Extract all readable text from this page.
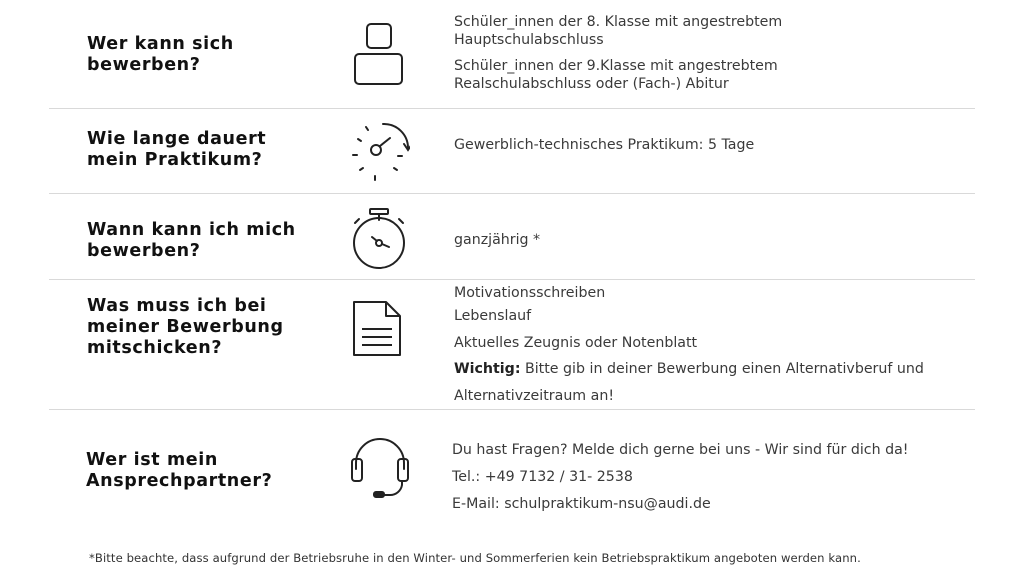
Wer kann sich
bewerben?

Schüler_innen der 8. Klasse mit angestrebtem
Hauptschulabschluss

Schüler_innen der 9.Klasse mit angestrebtem
Realschulabschluss oder (Fach-) Abitur

Wie lange dauert
mein Praktikum?

Gewerblich-technisches Praktikum: 5 Tage

Wann kann ich mich
bewerben?

ganzjährig *

Was muss ich bei
meiner Bewerbung
mitschicken?

Motivationsschreiben

Lebenslauf

Aktuelles Zeugnis oder Notenblatt

Wichtig: Bitte gib in deiner Bewerbung einen Alternativberuf und

Alternativzeitraum an!

Wer ist mein
Ansprechpartner?

Du hast Fragen? Melde dich gerne bei uns - Wir sind für dich da!

Tel.: +49 7132 / 31- 2538

E-Mail: schulpraktikum-nsu@audi.de

*Bitte beachte, dass aufgrund der Betriebsruhe in den Winter- und Sommerferien kein Betriebspraktikum angeboten werden kann.
